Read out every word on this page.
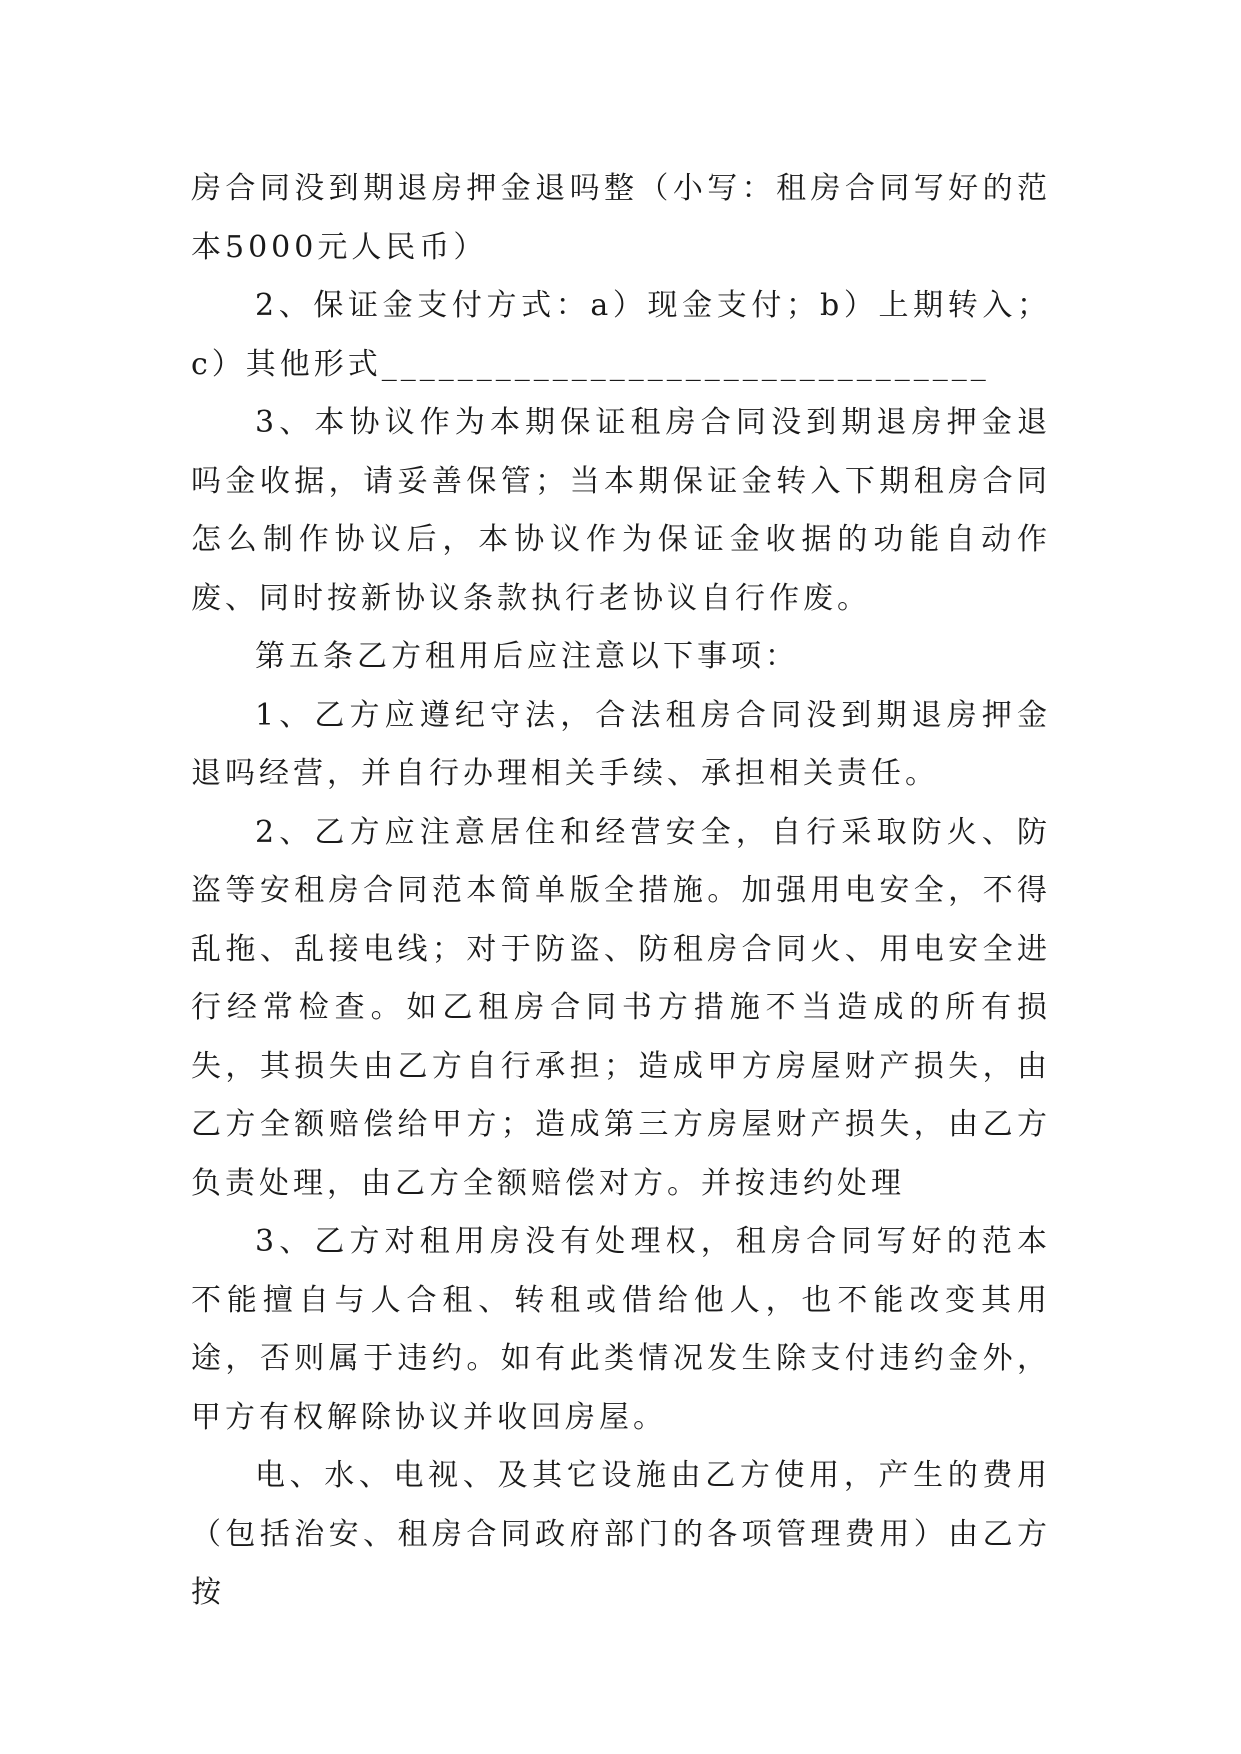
房合同没到期退房押金退吗整（小写：租房合同写好的范本5000元人民币）

2、保证金支付方式：a）现金支付；b）上期转入；c）其他形式________________________________

3、本协议作为本期保证租房合同没到期退房押金退吗金收据，请妥善保管；当本期保证金转入下期租房合同怎么制作协议后，本协议作为保证金收据的功能自动作废、同时按新协议条款执行老协议自行作废。

第五条乙方租用后应注意以下事项：

1、乙方应遵纪守法，合法租房合同没到期退房押金退吗经营，并自行办理相关手续、承担相关责任。

2、乙方应注意居住和经营安全，自行采取防火、防盗等安租房合同范本简单版全措施。加强用电安全，不得乱拖、乱接电线；对于防盗、防租房合同火、用电安全进行经常检查。如乙租房合同书方措施不当造成的所有损失，其损失由乙方自行承担；造成甲方房屋财产损失，由乙方全额赔偿给甲方；造成第三方房屋财产损失，由乙方负责处理，由乙方全额赔偿对方。并按违约处理

3、乙方对租用房没有处理权，租房合同写好的范本不能擅自与人合租、转租或借给他人，也不能改变其用途，否则属于违约。如有此类情况发生除支付违约金外，甲方有权解除协议并收回房屋。

电、水、电视、及其它设施由乙方使用，产生的费用（包括治安、租房合同政府部门的各项管理费用）由乙方按
